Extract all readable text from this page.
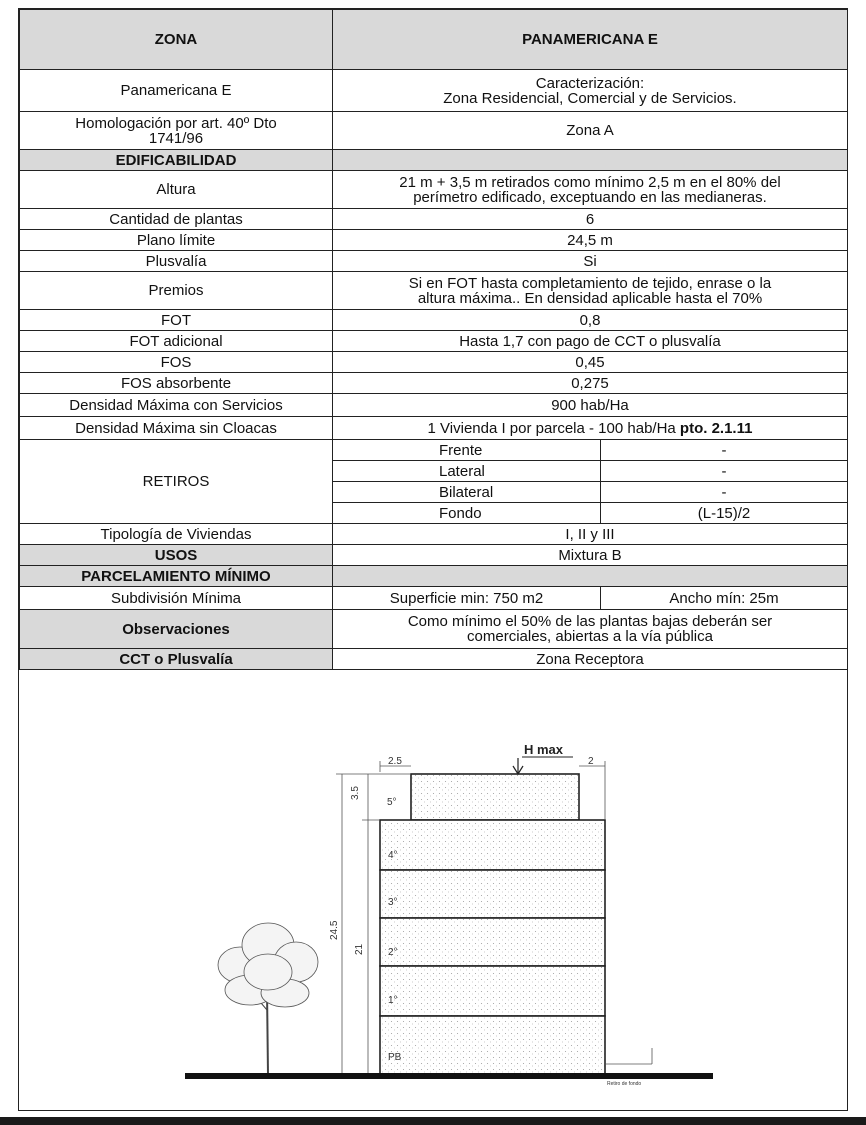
ZONA	PANAMERICANA E	
Panamericana E	Caracterización:
Zona Residencial, Comercial y de Servicios.	

Homologación por art. 40º Dto
1741/96	Zona A	
EDIFICABILIDAD		
Altura	21 m + 3,5 m retirados como mínimo 2,5 m en el 80% del
perímetro edificado, exceptuando en las medianeras.	

Cantidad de plantas	6	
Plano límite	24,5 m	
Plusvalía	Si	
Premios	Si en FOT hasta completamiento de tejido, enrase o la
altura máxima.. En densidad aplicable hasta el 70%	

FOT	0,8	
FOT adicional	Hasta 1,7 con pago de CCT o plusvalía	
FOS	0,45	
FOS absorbente	0,275	
Densidad Máxima con Servicios	900 hab/Ha	
Densidad Máxima sin Cloacas	1 Vivienda I por parcela - 100 hab/Ha pto. 2.1.11	
RETIROS	Frente	-
	Lateral	-
	Bilateral	-
	Fondo	(L-15)/2
Tipología de Viviendas	I, II y III	
USOS	Mixtura B	
PARCELAMIENTO MÍNIMO		
Subdivisión Mínima	Superficie min: 750 m2	Ancho mín: 25m
Observaciones	Como mínimo el 50% de las plantas bajas deberán ser
comerciales, abiertas a la vía pública	

CCT o Plusvalía	Zona Receptora	
5°
4°
3°
2°
1°
PB
H max
2.5	2
3.5
24.5
21
Retiro de fondo
